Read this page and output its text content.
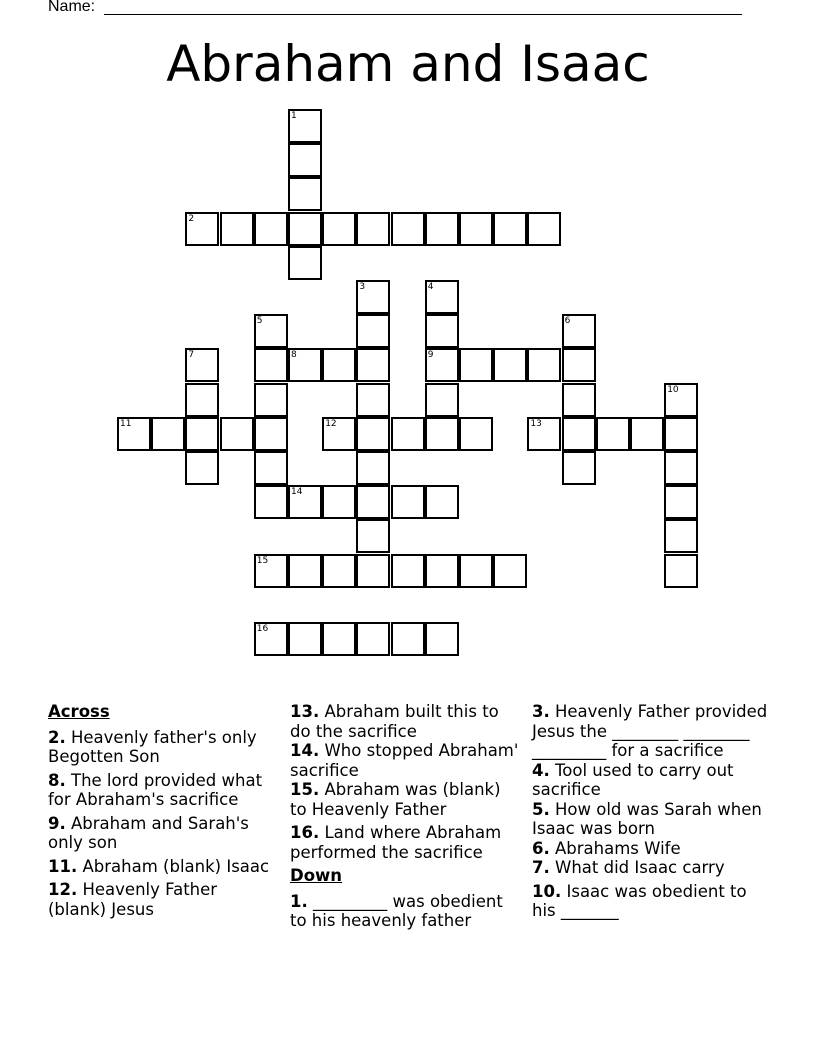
Name:
Abraham and Isaac
1
2
3	4
9
5	6
7	8
10
11	12	13
14
15
16
Across
2. Heavenly father's only Begotten Son
8. The lord provided what for Abraham's sacrifice
9. Abraham and Sarah's only son
11. Abraham (blank) Isaac
12. Heavenly Father (blank) Jesus
13. Abraham built this to do the sacrifice
14. Who stopped Abraham' sacrifice
15. Abraham was (blank) to Heavenly Father
16. Land where Abraham performed the sacrifice
Down
1. _________ was obedient to his heavenly father
3. Heavenly Father provided Jesus the ________ ________ _________ for a sacrifice
4. Tool used to carry out sacrifice
5. How old was Sarah when Isaac was born
6. Abrahams Wife
7. What did Isaac carry
10. Isaac was obedient to his _______
